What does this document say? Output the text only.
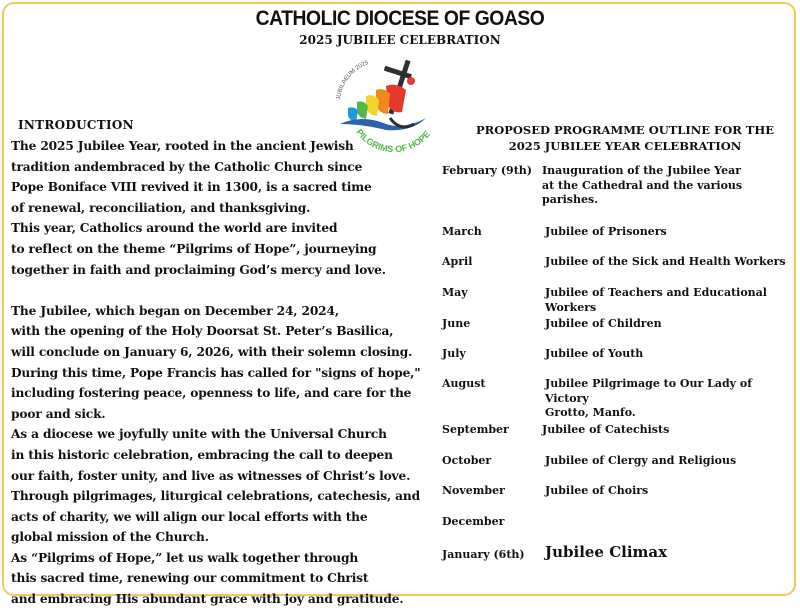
CATHOLIC DIOCESE OF GOASO
2025 JUBILEE CELEBRATION
JUBILAEUM 2025
PILGRIMS OF HOPE
INTRODUCTION
The 2025 Jubilee Year, rooted in the ancient Jewish
tradition andembraced by the Catholic Church since
Pope Boniface VIII revived it in 1300, is a sacred time
of renewal, reconciliation, and thanksgiving.
This year, Catholics around the world are invited
to reflect on the theme “Pilgrims of Hope”, journeying
together in faith and proclaiming God’s mercy and love.
The Jubilee, which began on December 24, 2024,
with the opening of the Holy Doorsat St. Peter’s Basilica,
will conclude on January 6, 2026, with their solemn closing.
During this time, Pope Francis has called for "signs of hope,"
including fostering peace, openness to life, and care for the
poor and sick.
As a diocese we joyfully unite with the Universal Church
in this historic celebration, embracing the call to deepen
our faith, foster unity, and live as witnesses of Christ’s love.
Through pilgrimages, liturgical celebrations, catechesis, and
acts of charity, we will align our local efforts with the
global mission of the Church.
As “Pilgrims of Hope,” let us walk together through
this sacred time, renewing our commitment to Christ
and embracing His abundant grace with joy and gratitude.
PROPOSED PROGRAMME OUTLINE FOR THE
2025 JUBILEE YEAR CELEBRATION
February (9th) Inauguration of the Jubilee Year
at the Cathedral and the various
parishes.
March	Jubilee of Prisoners
April	Jubilee of the Sick and Health Workers
May	Jubilee of Teachers and Educational Workers
June	Jubilee of Children
July	Jubilee of Youth
August	Jubilee Pilgrimage to Our Lady of Victory
Grotto, Manfo.
September	Jubilee of Catechists
October	Jubilee of Clergy and Religious
November	Jubilee of Choirs
December
January (6th) Jubilee Climax
